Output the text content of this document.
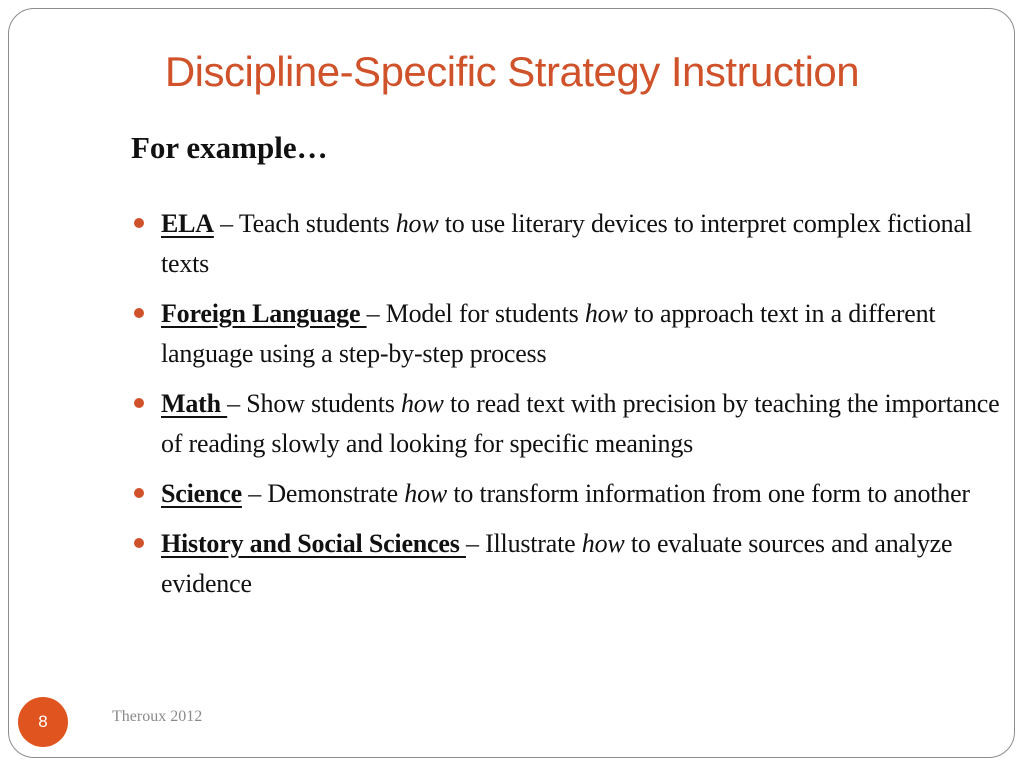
Discipline-Specific Strategy Instruction

For example…

ELA – Teach students how to use literary devices to interpret complex fictional texts
Foreign Language – Model for students how to approach text in a different language using a step-by-step process
Math – Show students how to read text with precision by teaching the importance of reading slowly and looking for specific meanings
Science – Demonstrate how to transform information from one form to another
History and Social Sciences – Illustrate how to evaluate sources and analyze evidence
8	Theroux 2012
